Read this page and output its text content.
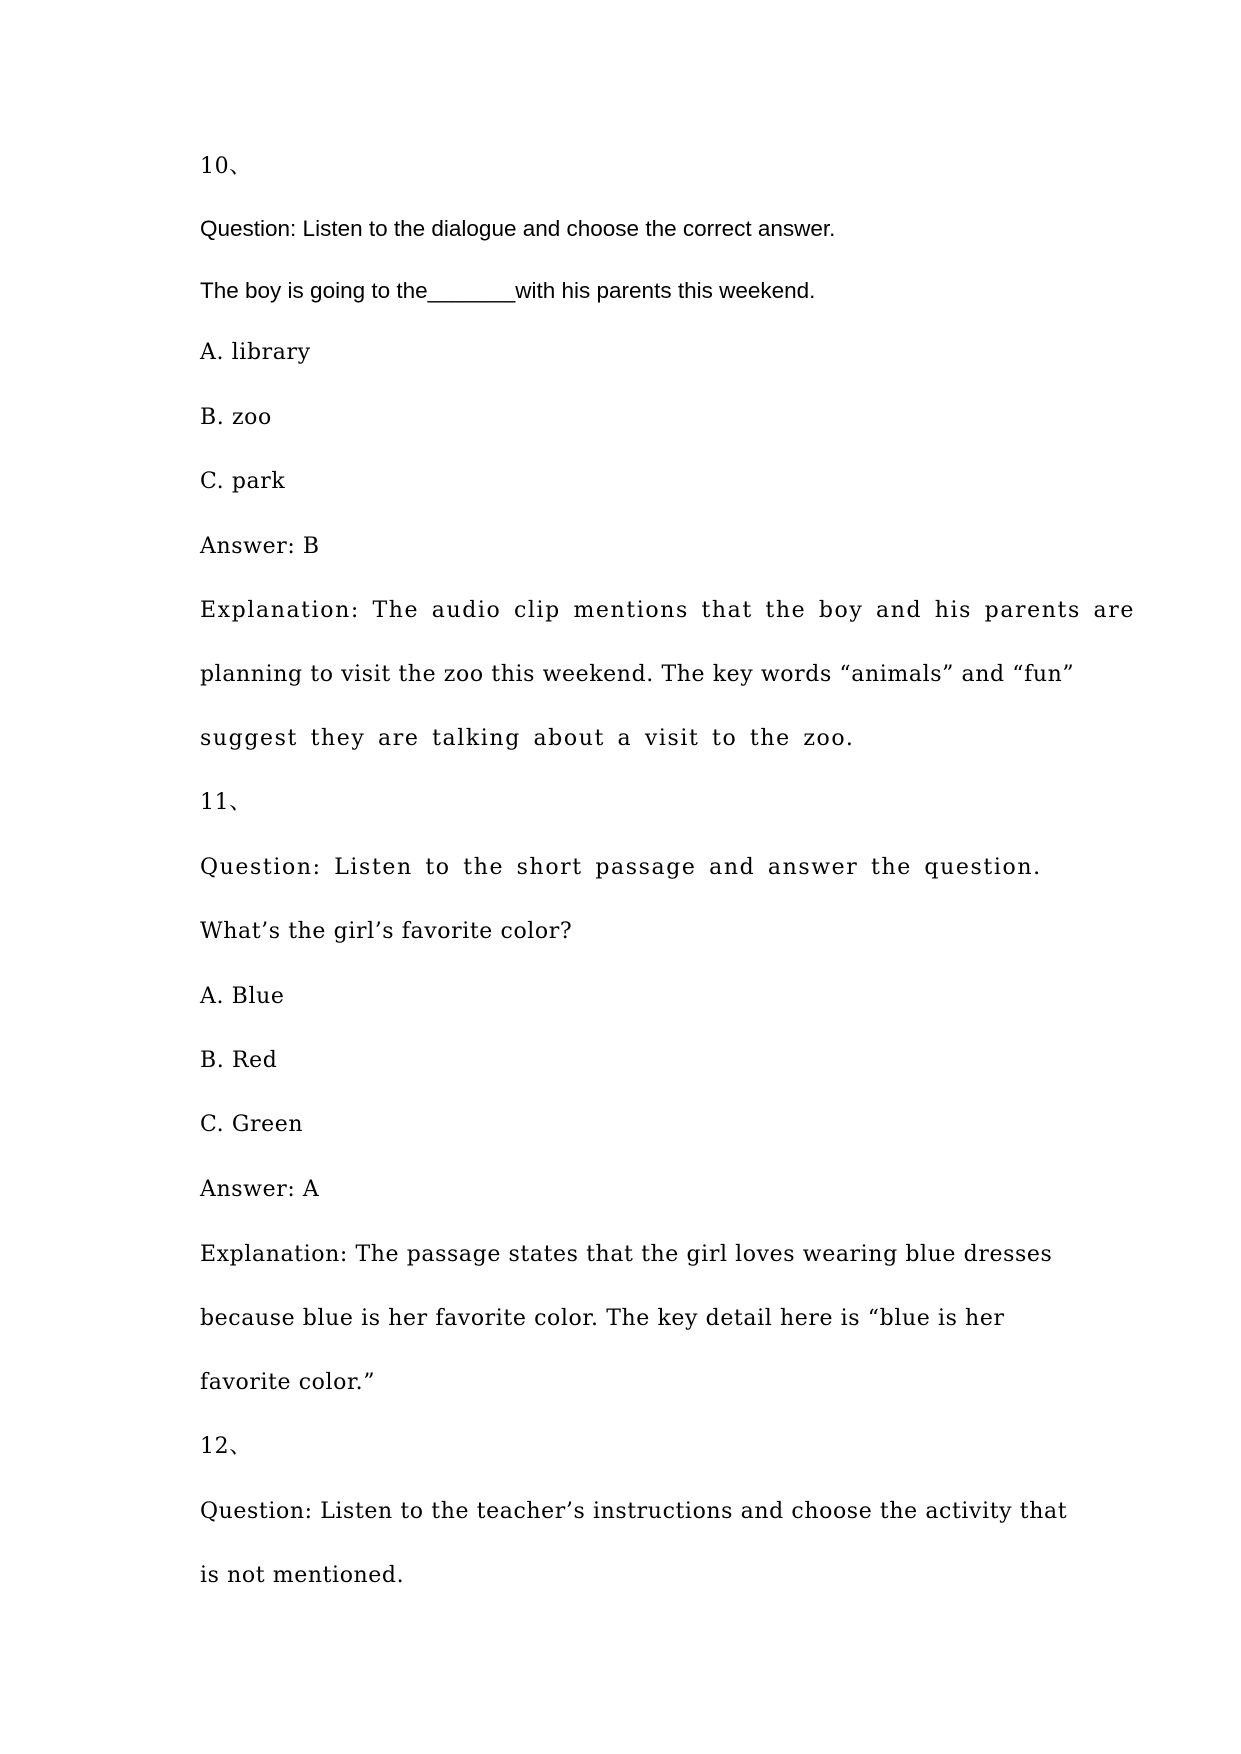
10、
Question: Listen to the dialogue and choose the correct answer.
The boy is going to the_______with his parents this weekend.
A. library
B. zoo
C. park
Answer: B
Explanation: The audio clip mentions that the boy and his parents are
planning to visit the zoo this weekend. The key words “animals” and “fun”
suggest they are talking about a visit to the zoo.
11、
Question: Listen to the short passage and answer the question.
What’s the girl’s favorite color?
A. Blue
B. Red
C. Green
Answer: A
Explanation: The passage states that the girl loves wearing blue dresses
because blue is her favorite color. The key detail here is “blue is her
favorite color.”
12、
Question: Listen to the teacher’s instructions and choose the activity that
is not mentioned.
